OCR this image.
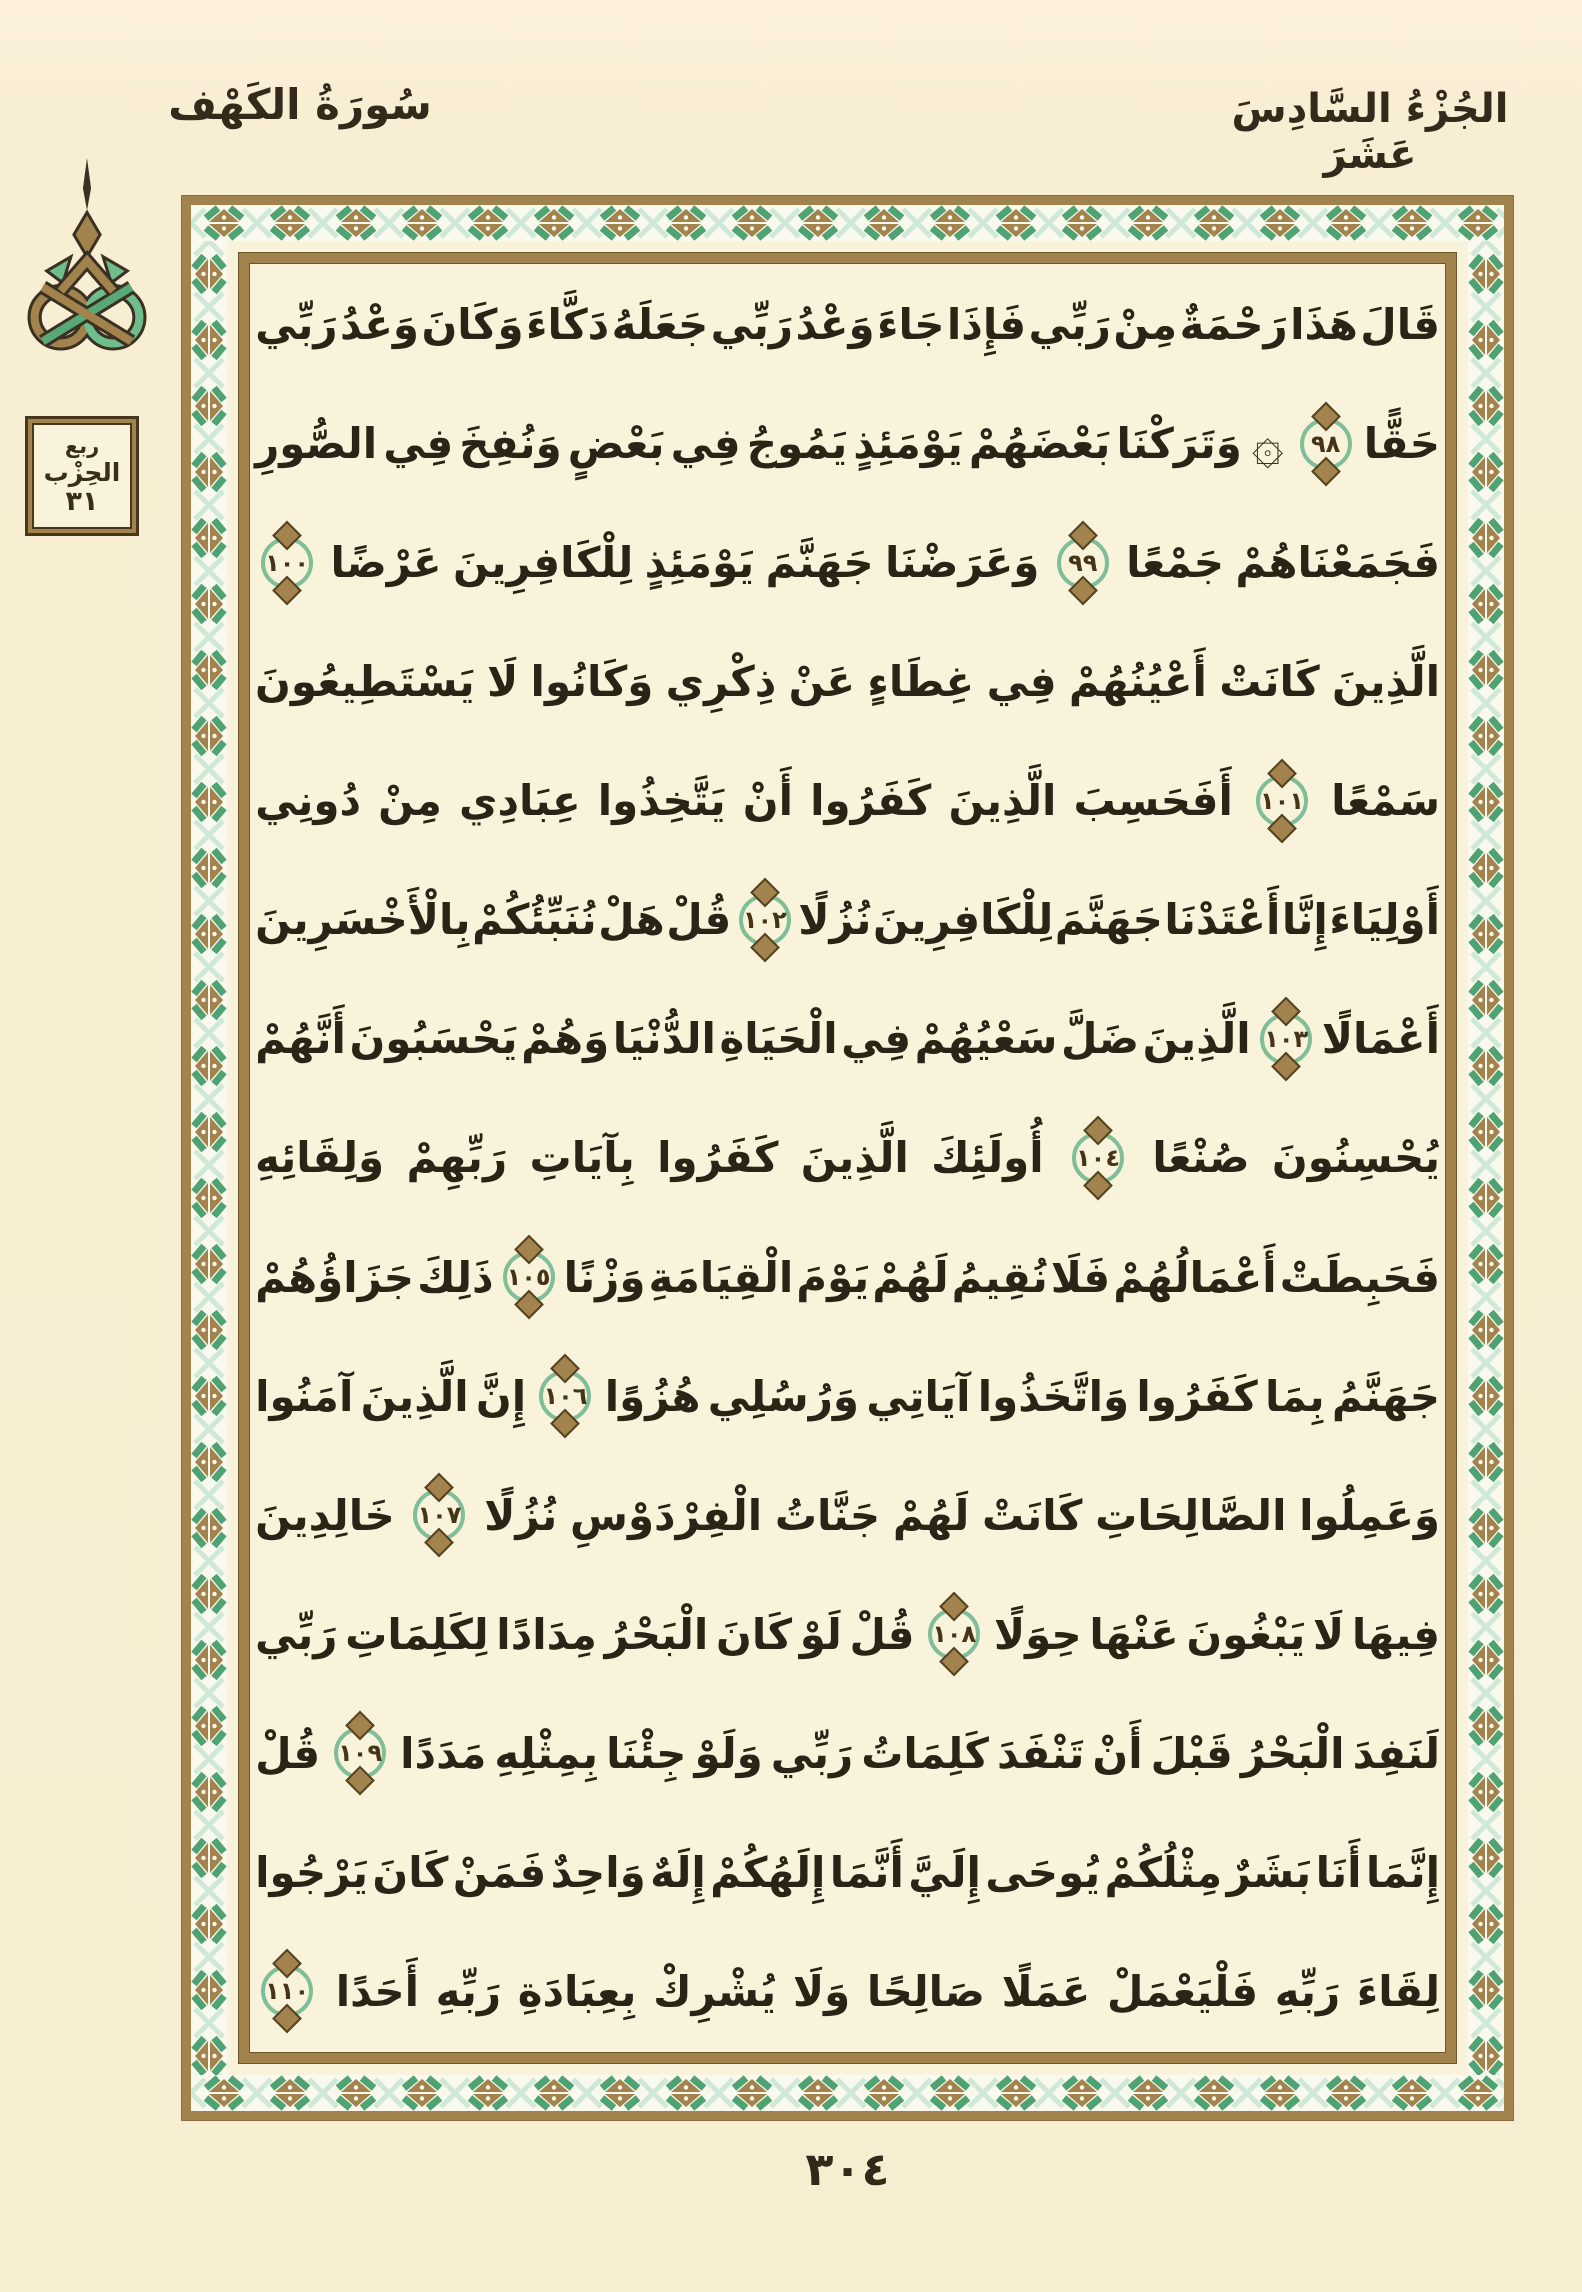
سُورَةُ الكَهْف	الجُزْءُ السَّادِسَ عَشَرَ
ربع
الحِزْب
٣١
قَالَ
هَذَا
رَحْمَةٌ
مِنْ
رَبِّي
فَإِذَا
جَاءَ
وَعْدُ
رَبِّي
جَعَلَهُ
دَكَّاءَ
وَكَانَ
وَعْدُ
رَبِّي
حَقًّا
٩٨
۞
وَتَرَكْنَا
بَعْضَهُمْ
يَوْمَئِذٍ
يَمُوجُ
فِي
بَعْضٍ
وَنُفِخَ
فِي
الصُّورِ
فَجَمَعْنَاهُمْ
جَمْعًا
٩٩
وَعَرَضْنَا
جَهَنَّمَ
يَوْمَئِذٍ
لِلْكَافِرِينَ
عَرْضًا
١٠٠
الَّذِينَ
كَانَتْ
أَعْيُنُهُمْ
فِي
غِطَاءٍ
عَنْ
ذِكْرِي
وَكَانُوا
لَا
يَسْتَطِيعُونَ
سَمْعًا
١٠١
أَفَحَسِبَ
الَّذِينَ
كَفَرُوا
أَنْ
يَتَّخِذُوا
عِبَادِي
مِنْ
دُونِي
أَوْلِيَاءَ
إِنَّا
أَعْتَدْنَا
جَهَنَّمَ
لِلْكَافِرِينَ
نُزُلًا
١٠٢
قُلْ
هَلْ
نُنَبِّئُكُمْ
بِالْأَخْسَرِينَ
أَعْمَالًا
١٠٣
الَّذِينَ
ضَلَّ
سَعْيُهُمْ
فِي
الْحَيَاةِ
الدُّنْيَا
وَهُمْ
يَحْسَبُونَ
أَنَّهُمْ
يُحْسِنُونَ
صُنْعًا
١٠٤
أُولَئِكَ
الَّذِينَ
كَفَرُوا
بِآيَاتِ
رَبِّهِمْ
وَلِقَائِهِ
فَحَبِطَتْ
أَعْمَالُهُمْ
فَلَا
نُقِيمُ
لَهُمْ
يَوْمَ
الْقِيَامَةِ
وَزْنًا
١٠٥
ذَلِكَ
جَزَاؤُهُمْ
جَهَنَّمُ
بِمَا
كَفَرُوا
وَاتَّخَذُوا
آيَاتِي
وَرُسُلِي
هُزُوًا
١٠٦
إِنَّ
الَّذِينَ
آمَنُوا
وَعَمِلُوا
الصَّالِحَاتِ
كَانَتْ
لَهُمْ
جَنَّاتُ
الْفِرْدَوْسِ
نُزُلًا
١٠٧
خَالِدِينَ
فِيهَا
لَا
يَبْغُونَ
عَنْهَا
حِوَلًا
١٠٨
قُلْ
لَوْ
كَانَ
الْبَحْرُ
مِدَادًا
لِكَلِمَاتِ
رَبِّي
لَنَفِدَ
الْبَحْرُ
قَبْلَ
أَنْ
تَنْفَدَ
كَلِمَاتُ
رَبِّي
وَلَوْ
جِئْنَا
بِمِثْلِهِ
مَدَدًا
١٠٩
قُلْ
إِنَّمَا
أَنَا
بَشَرٌ
مِثْلُكُمْ
يُوحَى
إِلَيَّ
أَنَّمَا
إِلَهُكُمْ
إِلَهٌ
وَاحِدٌ
فَمَنْ
كَانَ
يَرْجُوا
لِقَاءَ
رَبِّهِ
فَلْيَعْمَلْ
عَمَلًا
صَالِحًا
وَلَا
يُشْرِكْ
بِعِبَادَةِ
رَبِّهِ
أَحَدًا
١١٠
٣٠٤
